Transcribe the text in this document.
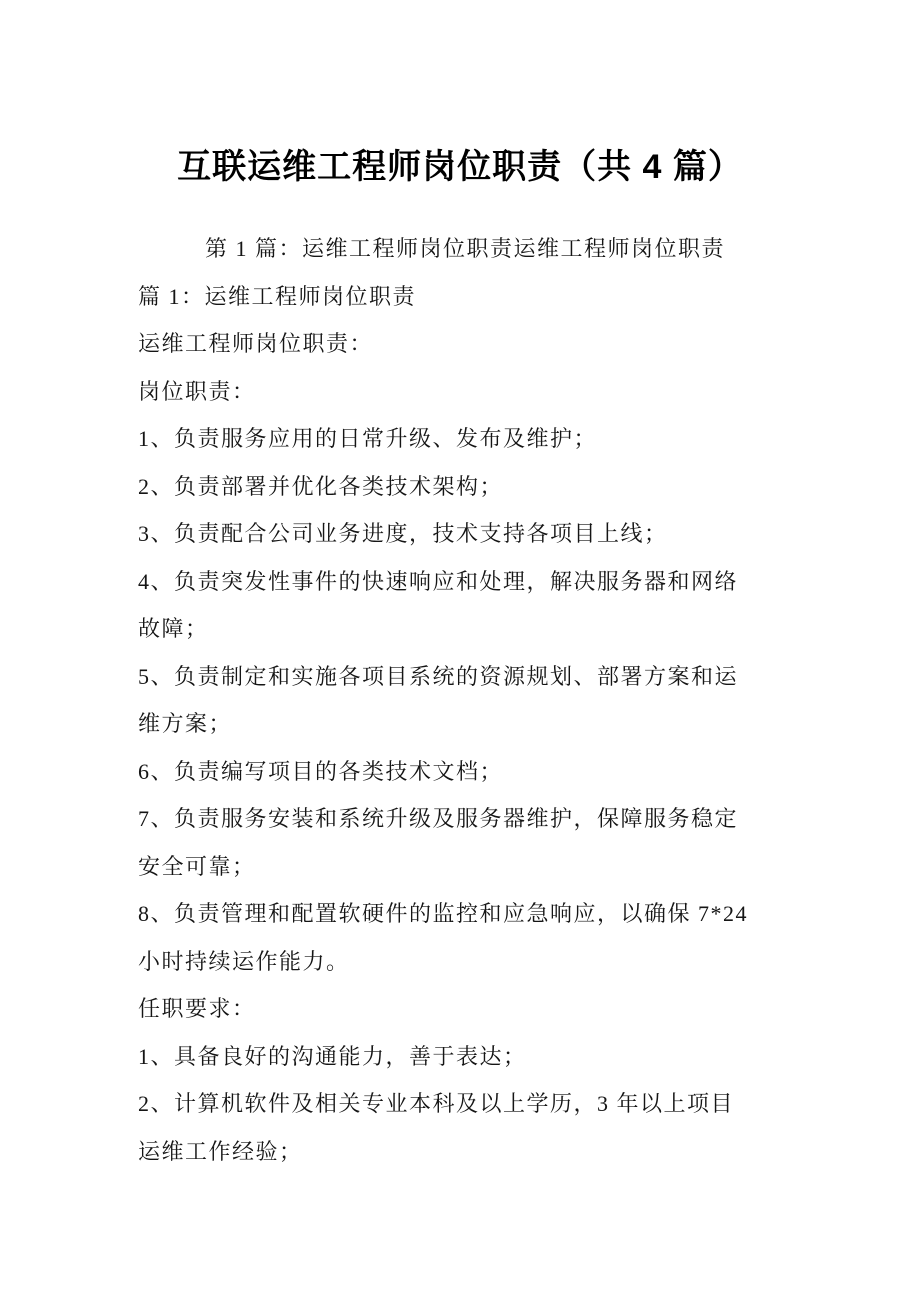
互联运维工程师岗位职责（共 4 篇）
第 1 篇：运维工程师岗位职责运维工程师岗位职责
篇 1：运维工程师岗位职责
运维工程师岗位职责：
岗位职责：
1、负责服务应用的日常升级、发布及维护；
2、负责部署并优化各类技术架构；
3、负责配合公司业务进度，技术支持各项目上线；
4、负责突发性事件的快速响应和处理，解决服务器和网络
故障；
5、负责制定和实施各项目系统的资源规划、部署方案和运
维方案；
6、负责编写项目的各类技术文档；
7、负责服务安装和系统升级及服务器维护，保障服务稳定
安全可靠；
8、负责管理和配置软硬件的监控和应急响应，以确保 7*24
小时持续运作能力。
任职要求：
1、具备良好的沟通能力，善于表达；
2、计算机软件及相关专业本科及以上学历，3 年以上项目
运维工作经验；
